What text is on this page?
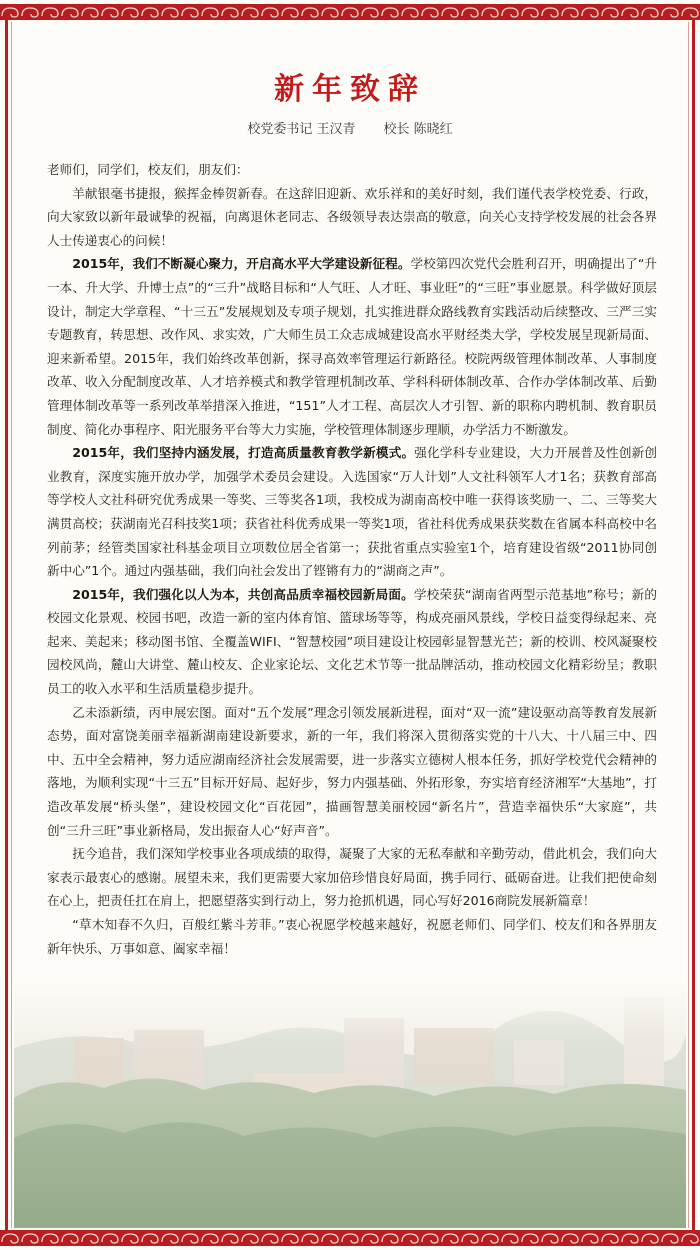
新年致辞
校党委书记 王汉青 校长 陈晓红

老师们，同学们，校友们，朋友们：

羊献银毫书捷报，猴挥金棒贺新春。在这辞旧迎新、欢乐祥和的美好时刻，我们谨代表学校党委、行政，向大家致以新年最诚挚的祝福，向离退休老同志、各级领导表达崇高的敬意，向关心支持学校发展的社会各界人士传递衷心的问候！

2015年，我们不断凝心聚力，开启高水平大学建设新征程。学校第四次党代会胜利召开，明确提出了“升一本、升大学、升博士点”的“三升”战略目标和“人气旺、人才旺、事业旺”的“三旺”事业愿景。科学做好顶层设计，制定大学章程、“十三五”发展规划及专项子规划，扎实推进群众路线教育实践活动后续整改、三严三实专题教育，转思想、改作风、求实效，广大师生员工众志成城建设高水平财经类大学，学校发展呈现新局面、迎来新希望。2015年，我们始终改革创新，探寻高效率管理运行新路径。校院两级管理体制改革、人事制度改革、收入分配制度改革、人才培养模式和教学管理机制改革、学科科研体制改革、合作办学体制改革、后勤管理体制改革等一系列改革举措深入推进，“151”人才工程、高层次人才引智、新的职称内聘机制、教育职员制度、简化办事程序、阳光服务平台等大力实施，学校管理体制逐步理顺，办学活力不断激发。

2015年，我们坚持内涵发展，打造高质量教育教学新模式。强化学科专业建设，大力开展普及性创新创业教育，深度实施开放办学，加强学术委员会建设。入选国家“万人计划”人文社科领军人才1名；获教育部高等学校人文社科研究优秀成果一等奖、三等奖各1项，我校成为湖南高校中唯一获得该奖励一、二、三等奖大满贯高校；获湖南光召科技奖1项；获省社科优秀成果一等奖1项，省社科优秀成果获奖数在省属本科高校中名列前茅；经管类国家社科基金项目立项数位居全省第一；获批省重点实验室1个，培育建设省级“2011协同创新中心”1个。通过内强基础，我们向社会发出了铿锵有力的“湖商之声”。

2015年，我们强化以人为本，共创高品质幸福校园新局面。学校荣获“湖南省两型示范基地”称号；新的校园文化景观、校园书吧，改造一新的室内体育馆、篮球场等等，构成亮丽风景线，学校日益变得绿起来、亮起来、美起来；移动图书馆、全覆盖WIFI、“智慧校园”项目建设让校园彰显智慧光芒；新的校训、校风凝聚校园校风尚，麓山大讲堂、麓山校友、企业家论坛、文化艺术节等一批品牌活动，推动校园文化精彩纷呈；教职员工的收入水平和生活质量稳步提升。

乙未添新绩，丙申展宏图。面对“五个发展”理念引领发展新进程，面对“双一流”建设驱动高等教育发展新态势，面对富饶美丽幸福新湖南建设新要求，新的一年，我们将深入贯彻落实党的十八大、十八届三中、四中、五中全会精神，努力适应湖南经济社会发展需要，进一步落实立德树人根本任务，抓好学校党代会精神的落地，为顺利实现“十三五”目标开好局、起好步，努力内强基础、外拓形象，夯实培育经济湘军“大基地”，打造改革发展“桥头堡”，建设校园文化“百花园”，描画智慧美丽校园“新名片”，营造幸福快乐“大家庭”，共创“三升三旺”事业新格局，发出振奋人心“好声音”。

抚今追昔，我们深知学校事业各项成绩的取得，凝聚了大家的无私奉献和辛勤劳动，借此机会，我们向大家表示最衷心的感谢。展望未来，我们更需要大家加倍珍惜良好局面，携手同行、砥砺奋进。让我们把使命刻在心上，把责任扛在肩上，把愿望落实到行动上，努力抢抓机遇，同心写好2016商院发展新篇章！

“草木知春不久归，百般红紫斗芳菲。”衷心祝愿学校越来越好，祝愿老师们、同学们、校友们和各界朋友新年快乐、万事如意、阖家幸福！
